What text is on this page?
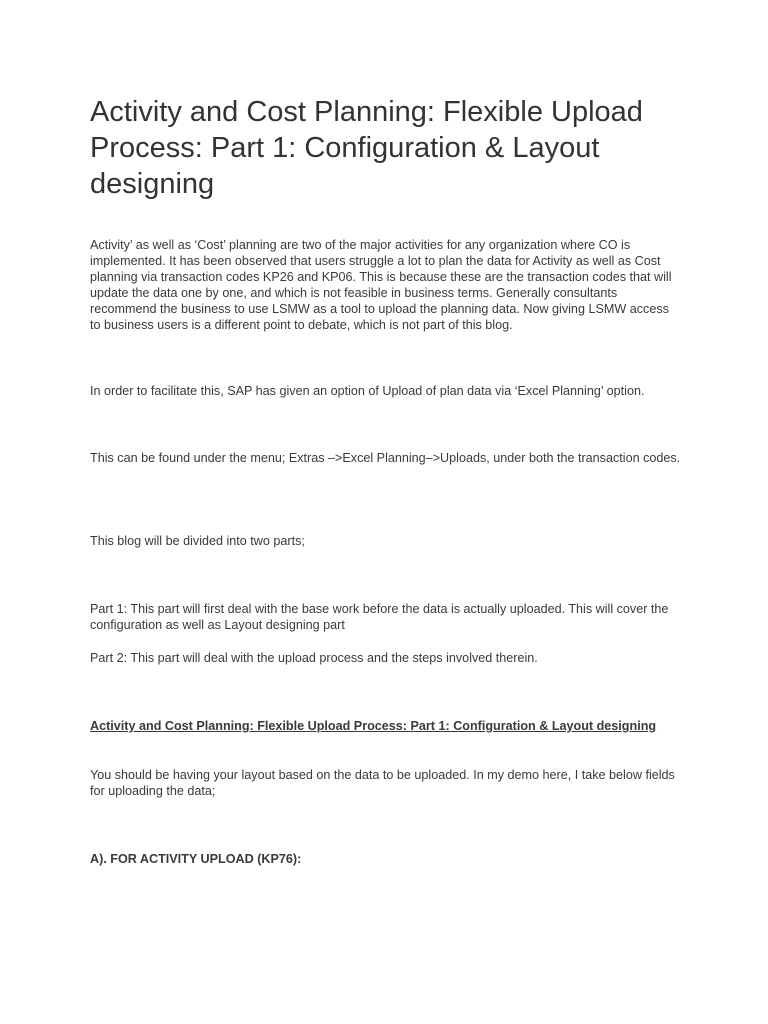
Activity and Cost Planning: Flexible Upload Process: Part 1: Configuration & Layout designing

Activity’ as well as ‘Cost’ planning are two of the major activities for any organization where CO is implemented. It has been observed that users struggle a lot to plan the data for Activity as well as Cost planning via transaction codes KP26 and KP06. This is because these are the transaction codes that will update the data one by one, and which is not feasible in business terms. Generally consultants recommend the business to use LSMW as a tool to upload the planning data. Now giving LSMW access to business users is a different point to debate, which is not part of this blog.

In order to facilitate this, SAP has given an option of Upload of plan data via ‘Excel Planning’ option.

This can be found under the menu; Extras –>Excel Planning–>Uploads, under both the transaction codes.

This blog will be divided into two parts;

Part 1: This part will first deal with the base work before the data is actually uploaded. This will cover the configuration as well as Layout designing part

Part 2: This part will deal with the upload process and the steps involved therein.

Activity and Cost Planning: Flexible Upload Process: Part 1: Configuration & Layout designing

You should be having your layout based on the data to be uploaded. In my demo here, I take below fields for uploading the data;

A). FOR ACTIVITY UPLOAD (KP76):
